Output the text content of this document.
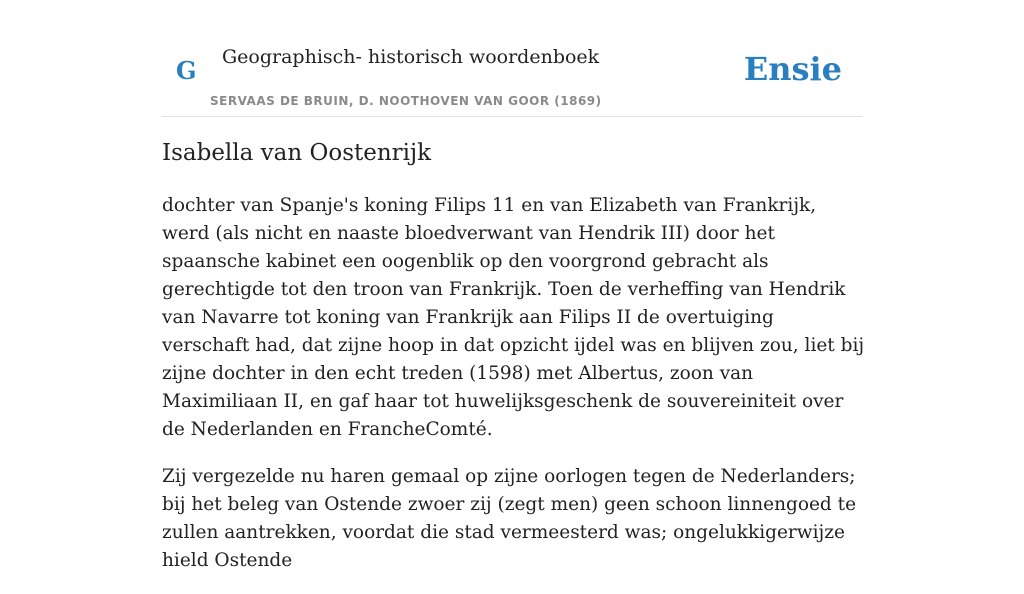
G Geographisch- historisch woordenboek
SERVAAS DE BRUIN, D. NOOTHOVEN VAN GOOR (1869)
Ensie
Isabella van Oostenrijk

dochter van Spanje's koning Filips 11 en van Elizabeth van Frankrijk, werd (als nicht en naaste bloedverwant van Hendrik III) door het spaansche kabinet een oogenblik op den voorgrond gebracht als gerechtigde tot den troon van Frankrijk. Toen de verheffing van Hendrik van Navarre tot koning van Frankrijk aan Filips II de overtuiging verschaft had, dat zijne hoop in dat opzicht ijdel was en blijven zou, liet bij zijne dochter in den echt treden (1598) met Albertus, zoon van Maximiliaan II, en gaf haar tot huwelijksgeschenk de souvereiniteit over de Nederlanden en FrancheComté.

Zij vergezelde nu haren gemaal op zijne oorlogen tegen de Nederlanders; bij het beleg van Ostende zwoer zij (zegt men) geen schoon linnengoed te zullen aantrekken, voordat die stad vermeesterd was; ongelukkigerwijze hield Ostende
